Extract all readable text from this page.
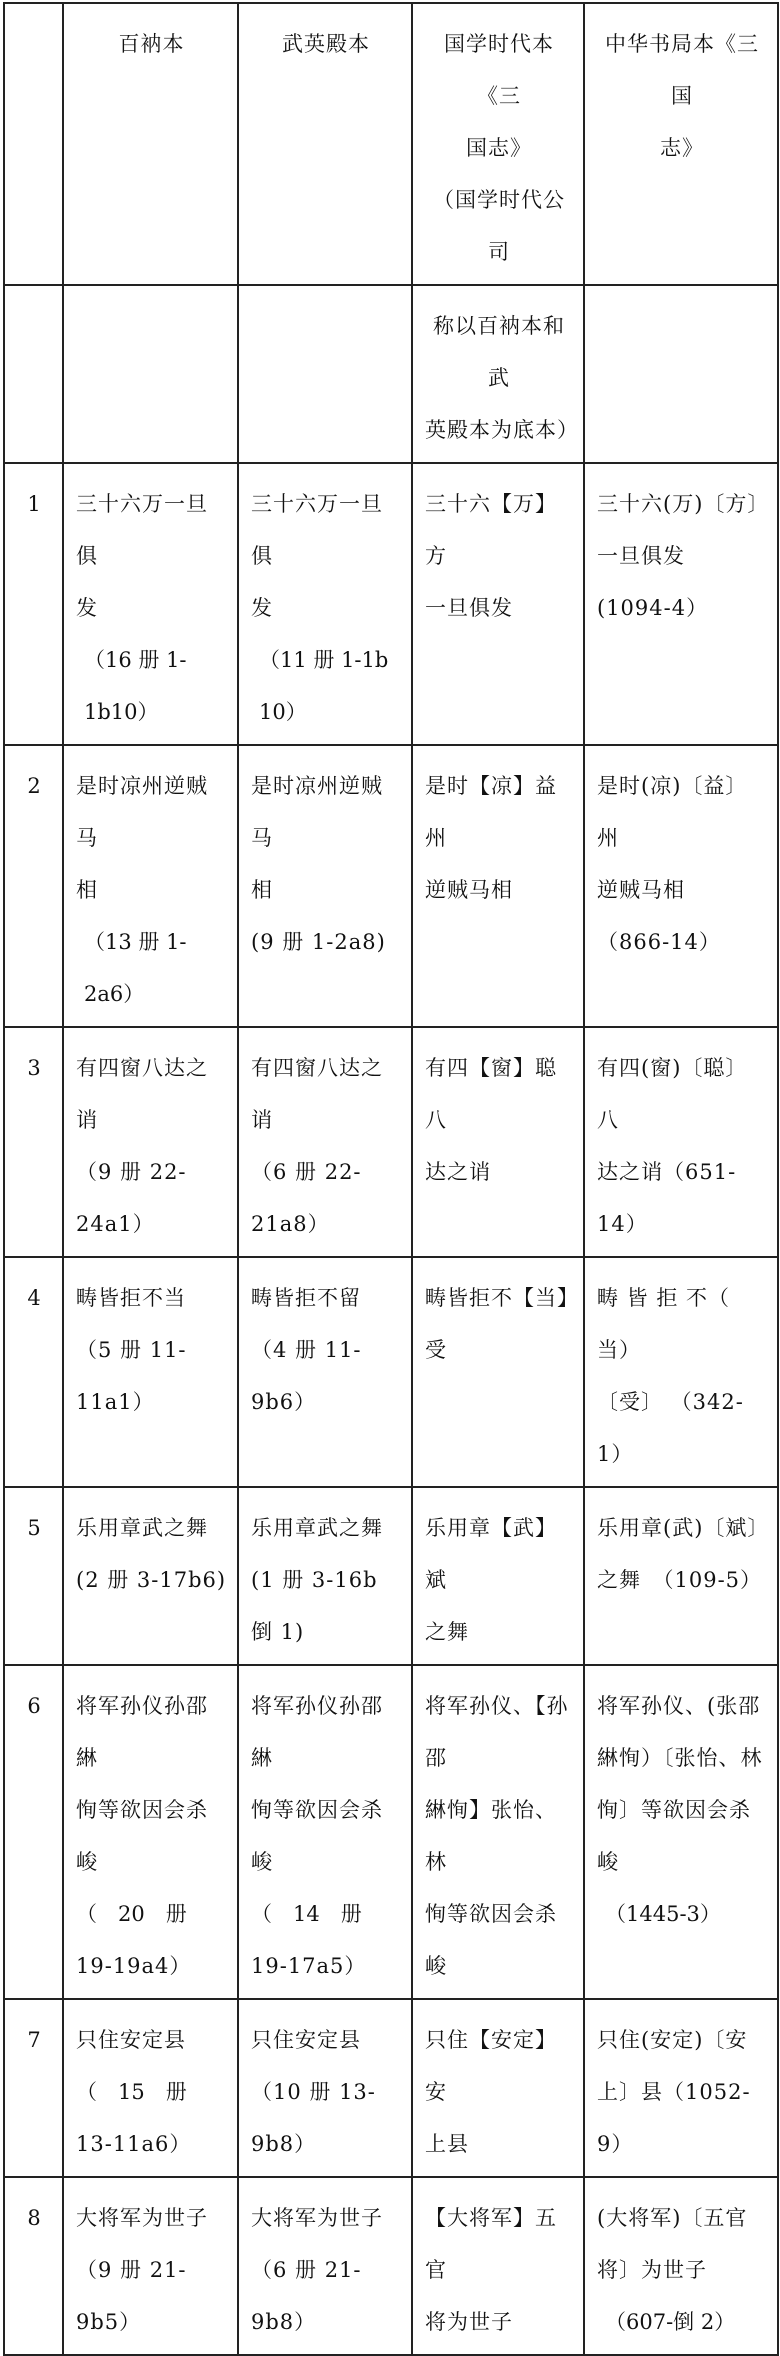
	百衲本	武英殿本	国学时代本《三
国志》
（国学时代公司	中华书局本《三国
志》

			称以百衲本和武
英殿本为底本）	

1	三十六万一旦俱
发
（16 册 1-1b10）	三十六万一旦俱
发
（11 册 1-1b 10）	三十六【万】方
一旦俱发	三十六(万)〔方〕
一旦俱发
(1094-4）

2	是时凉州逆贼马
相
（13 册 1-2a6）	是时凉州逆贼马
相
(9 册 1-2a8)	是时【凉】益州
逆贼马相	是时(凉)〔益〕州
逆贼马相
（866-14）

3	有四窗八达之诮
（9 册 22-24a1）	有四窗八达之诮
（6 册 22-21a8）	有四【窗】聪八
达之诮	有四(窗)〔聪〕八
达之诮（651-14）

4	畴皆拒不当
（5 册 11-11a1）	畴皆拒不留
（4 册 11-9b6）	畴皆拒不【当】
受	畴 皆 拒 不（ 当）
〔受〕 （342-1）

5	乐用章武之舞
(2 册 3-17b6)	乐用章武之舞
(1 册 3-16b 倒 1)	乐用章【武】斌
之舞	乐用章(武)〔斌〕
之舞　（109-5）

6	将军孙仪孙邵綝
恂等欲因会杀峻
（　20　册
19-19a4）	将军孙仪孙邵綝
恂等欲因会杀峻
（　14　册
19-17a5）	将军孙仪、【孙邵
綝恂】张怡、林
恂等欲因会杀峻	将军孙仪、(张邵
綝恂）〔张怡、林
恂〕等欲因会杀峻
（1445-3）

7	只住安定县
（　15　册
13-11a6）	只住安定县
（10 册 13-9b8）	只住【安定】安
上县	只住(安定)〔安
上〕县（1052-9）

8	大将军为世子
（9 册 21-9b5）	大将军为世子
（6 册 21-9b8）	【大将军】五官
将为世子	(大将军)〔五官
将〕为世子
（607-倒 2）
